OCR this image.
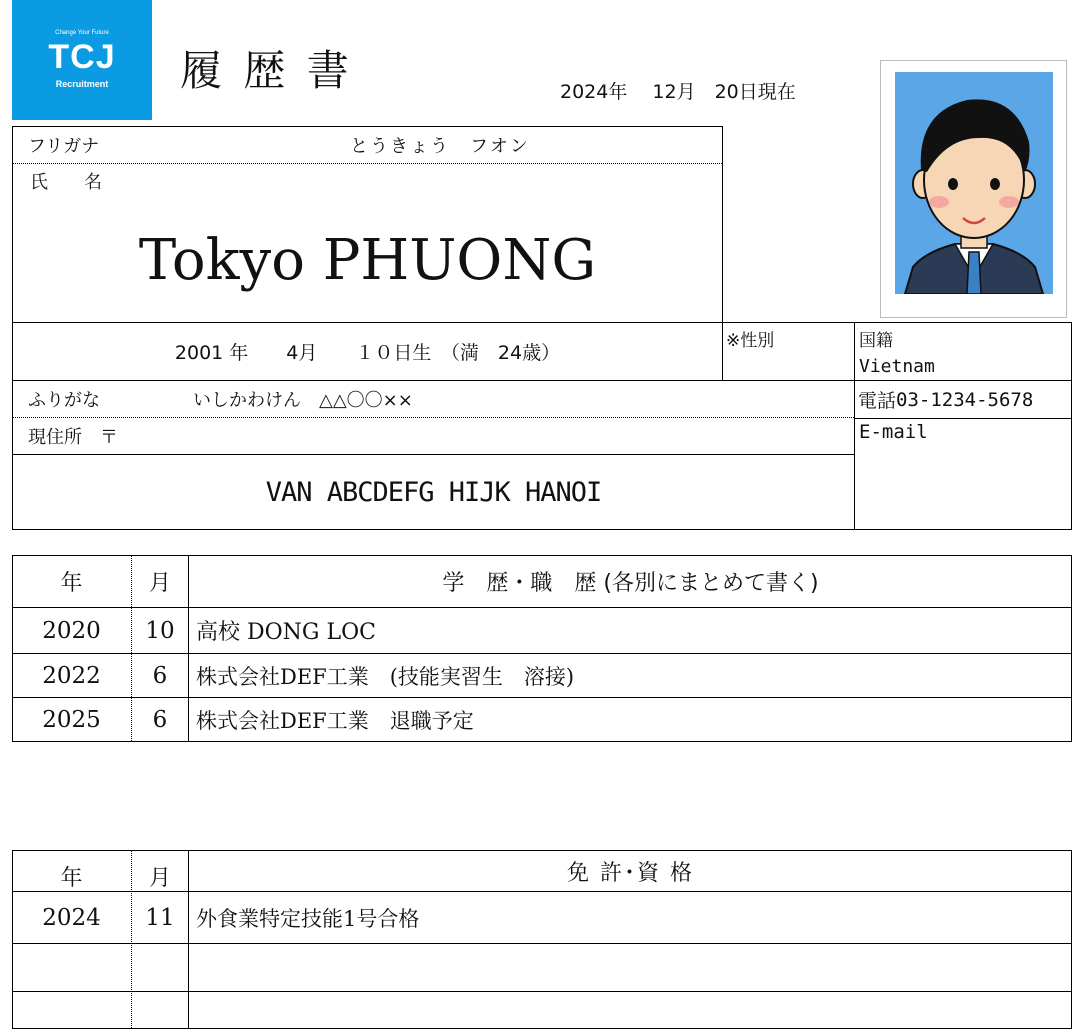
Change Your Future
TCJ
Recruitment	履 歴 書	2024年　 12月　20日現在
フリガナ	とうきょう　フオン
氏　　名
Tokyo PHUONG
2001 年　　4月　　１０日生　（満　24歳）
※性別	国籍
Vietnam
電話 03-1234-5678
E-mail
ふりがな	いしかわけん　△△〇〇××
現住所　〒
VAN ABCDEFG HIJK HANOI
年	月	学　歴・職　歴 (各別にまとめて書く)
2020	10 高校 DONG LOC
2022	6	株式会社DEF工業　(技能実習生　溶接)
2025	6	株式会社DEF工業　退職予定
年	月	免 許･資 格
2024	11	外食業特定技能1号合格
